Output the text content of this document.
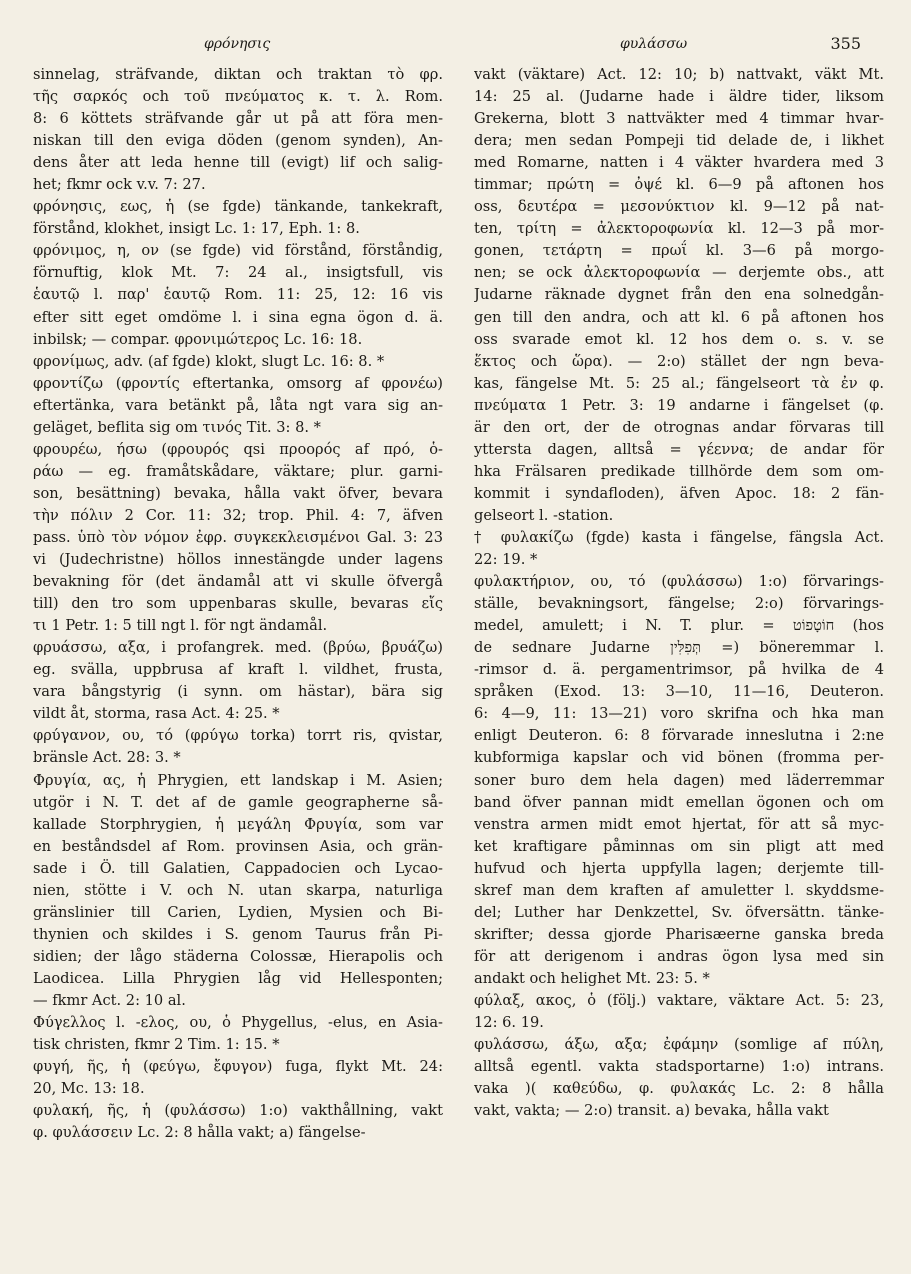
φρόνησις	φυλάσσω	355
sinnelag, sträfvande, diktan och traktan τὸ φρ.
τῆς σαρκός och τοῦ πνεύματος κ. τ. λ. Rom.
8: 6 köttets sträfvande går ut på att föra men-
niskan till den eviga döden (genom synden), An-
dens åter att leda henne till (evigt) lif och salig-
het; fkmr ock v.v. 7: 27.
φρόνησις, εως, ἡ (se fgde) tänkande, tankekraft,
förstånd, klokhet, insigt Lc. 1: 17, Eph. 1: 8.
φρόνιμος, η, ον (se fgde) vid förstånd, förståndig,
förnuftig, klok Mt. 7: 24 al., insigtsfull, vis
ἑαυτῷ l. παρ' ἑαυτῷ Rom. 11: 25, 12: 16 vis
efter sitt eget omdöme l. i sina egna ögon d. ä.
inbilsk; — compar. φρονιμώτερος Lc. 16: 18.
φρονίμως, adv. (af fgde) klokt, slugt Lc. 16: 8. *
φροντίζω (φροντίς eftertanka, omsorg af φρονέω)
eftertänka, vara betänkt på, låta ngt vara sig an-
geläget, beflita sig om τινός Tit. 3: 8. *
φρουρέω, ήσω (φρουρός qsi προορός af πρό, ὁ-
ράω — eg. framåtskådare, väktare; plur. garni-
son, besättning) bevaka, hålla vakt öfver, bevara
τὴν πόλιν 2 Cor. 11: 32; trop. Phil. 4: 7, äfven
pass. ὑπὸ τὸν νόμον ἐφρ. συγκεκλεισμένοι Gal. 3: 23
vi (Judechristne) höllos innestängde under lagens
bevakning för (det ändamål att vi skulle öfvergå
till) den tro som uppenbaras skulle, bevaras εἴς
τι 1 Petr. 1: 5 till ngt l. för ngt ändamål.
φρυάσσω, αξα, i profangrek. med. (βρύω, βρυάζω)
eg. svälla, uppbrusa af kraft l. vildhet, frusta,
vara bångstyrig (i synn. om hästar), bära sig
vildt åt, storma, rasa Act. 4: 25. *
φρύγανον, ου, τό (φρύγω torka) torrt ris, qvistar,
bränsle Act. 28: 3. *
Φρυγία, ας, ἡ Phrygien, ett landskap i M. Asien;
utgör i N. T. det af de gamle geographerne så-
kallade Storphrygien, ἡ μεγάλη Φρυγία, som var
en beståndsdel af Rom. provinsen Asia, och grän-
sade i Ö. till Galatien, Cappadocien och Lycao-
nien, stötte i V. och N. utan skarpa, naturliga
gränslinier till Carien, Lydien, Mysien och Bi-
thynien och skildes i S. genom Taurus från Pi-
sidien; der lågo städerna Colossæ, Hierapolis och
Laodicea. Lilla Phrygien låg vid Hellesponten;
— fkmr Act. 2: 10 al.
Φύγελλος l. -ελος, ου, ὁ Phygellus, -elus, en Asia-
tisk christen, fkmr 2 Tim. 1: 15. *
φυγή, ῆς, ἡ (φεύγω, ἔφυγον) fuga, flykt Mt. 24:
20, Mc. 13: 18.
φυλακή, ῆς, ἡ (φυλάσσω) 1:o) vakthållning, vakt
φ. φυλάσσειν Lc. 2: 8 hålla vakt; a) fängelse-
vakt (väktare) Act. 12: 10; b) nattvakt, väkt Mt.
14: 25 al. (Judarne hade i äldre tider, liksom
Grekerna, blott 3 nattväkter med 4 timmar hvar-
dera; men sedan Pompeji tid delade de, i likhet
med Romarne, natten i 4 väkter hvardera med 3
timmar; πρώτη = ὀψέ kl. 6—9 på aftonen hos
oss, δευτέρα = μεσονύκτιον kl. 9—12 på nat-
ten, τρίτη = ἀλεκτοροφωνία kl. 12—3 på mor-
gonen, τετάρτη = πρωΐ kl. 3—6 på morgo-
nen; se ock ἀλεκτοροφωνία — derjemte obs., att
Judarne räknade dygnet från den ena solnedgån-
gen till den andra, och att kl. 6 på aftonen hos
oss svarade emot kl. 12 hos dem o. s. v. se
ἕκτος och ὥρα). — 2:o) stället der ngn beva-
kas, fängelse Mt. 5: 25 al.; fängelseort τὰ ἐν φ.
πνεύματα 1 Petr. 3: 19 andarne i fängelset (φ.
är den ort, der de otrognas andar förvaras till
yttersta dagen, alltså = γέεννα; de andar för
hka Frälsaren predikade tillhörde dem som om-
kommit i syndafloden), äfven Apoc. 18: 2 fän-
gelseort l. -station.
† φυλακίζω (fgde) kasta i fängelse, fängsla Act.
22: 19. *
φυλακτήριον, ου, τό (φυλάσσω) 1:o) förvarings-
ställe, bevakningsort, fängelse; 2:o) förvarings-
medel, amulett; i N. T. plur. = חוֹטָפוֹט (hos
de sednare Judarne תְּפִלִּין =) böneremmar l.
-rimsor d. ä. pergamentrimsor, på hvilka de 4
språken (Exod. 13: 3—10, 11—16, Deuteron.
6: 4—9, 11: 13—21) voro skrifna och hka man
enligt Deuteron. 6: 8 förvarade inneslutna i 2:ne
kubformiga kapslar och vid bönen (fromma per-
soner buro dem hela dagen) med läderremmar
band öfver pannan midt emellan ögonen och om
venstra armen midt emot hjertat, för att så myc-
ket kraftigare påminnas om sin pligt att med
hufvud och hjerta uppfylla lagen; derjemte till-
skref man dem kraften af amuletter l. skyddsme-
del; Luther har Denkzettel, Sv. öfversättn. tänke-
skrifter; dessa gjorde Pharisæerne ganska breda
för att derigenom i andras ögon lysa med sin
andakt och helighet Mt. 23: 5. *
φύλαξ, ακος, ὁ (följ.) vaktare, väktare Act. 5: 23,
12: 6. 19.
φυλάσσω, άξω, αξα; ἐφάμην (somlige af πύλη,
alltså egentl. vakta stadsportarne) 1:o) intrans.
vaka )( καθεύδω, φ. φυλακάς Lc. 2: 8 hålla
vakt, vakta; — 2:o) transit. a) bevaka, hålla vakt
